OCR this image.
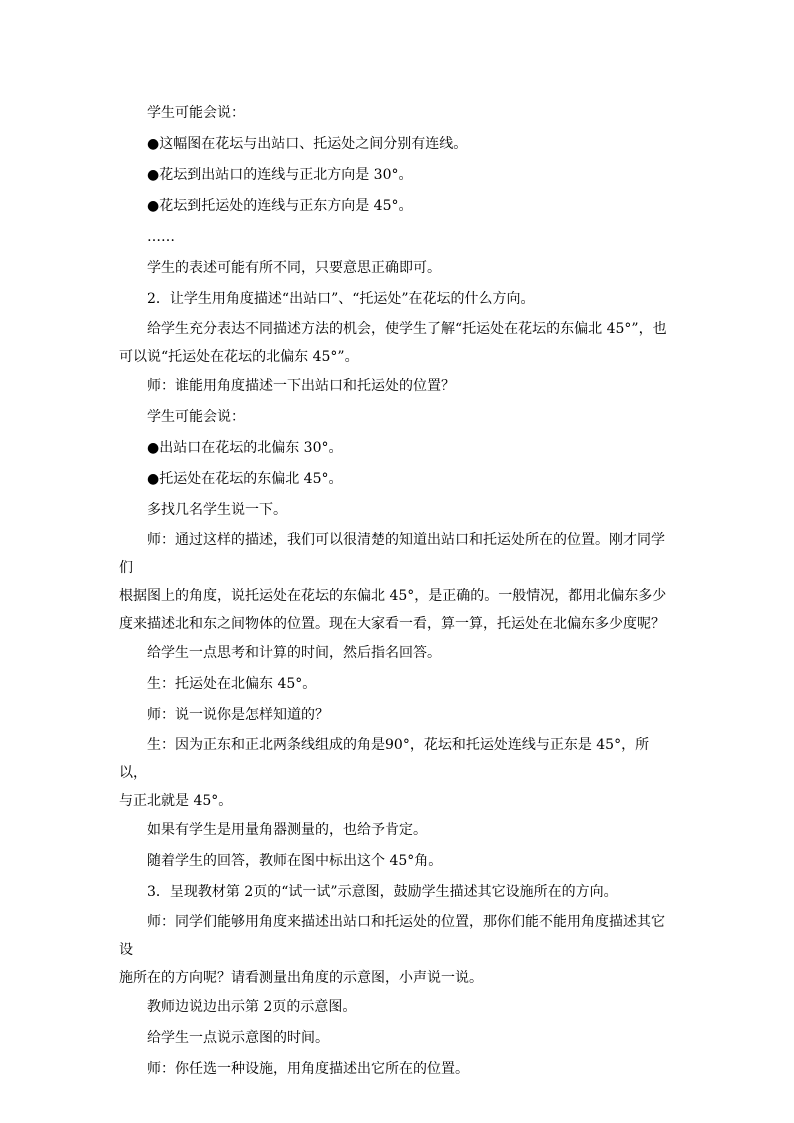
学生可能会说：

●这幅图在花坛与出站口、托运处之间分别有连线。

●花坛到出站口的连线与正北方向是 30°。

●花坛到托运处的连线与正东方向是 45°。

……

学生的表述可能有所不同，只要意思正确即可。

2．让学生用角度描述“出站口”、“托运处”在花坛的什么方向。

给学生充分表达不同描述方法的机会，使学生了解“托运处在花坛的东偏北 45°”，也

可以说“托运处在花坛的北偏东 45°”。

师：谁能用角度描述一下出站口和托运处的位置？

学生可能会说：

●出站口在花坛的北偏东 30°。

●托运处在花坛的东偏北 45°。

多找几名学生说一下。

师：通过这样的描述，我们可以很清楚的知道出站口和托运处所在的位置。刚才同学们

根据图上的角度，说托运处在花坛的东偏北 45°，是正确的。一般情况，都用北偏东多少

度来描述北和东之间物体的位置。现在大家看一看，算一算，托运处在北偏东多少度呢？

给学生一点思考和计算的时间，然后指名回答。

生：托运处在北偏东 45°。

师：说一说你是怎样知道的？

生：因为正东和正北两条线组成的角是90°，花坛和托运处连线与正东是 45°，所以，

与正北就是 45°。

如果有学生是用量角器测量的，也给予肯定。

随着学生的回答，教师在图中标出这个 45°角。

3．呈现教材第 2页的“试一试”示意图，鼓励学生描述其它设施所在的方向。

师：同学们能够用角度来描述出站口和托运处的位置，那你们能不能用角度描述其它设

施所在的方向呢？请看测量出角度的示意图，小声说一说。

教师边说边出示第 2页的示意图。

给学生一点说示意图的时间。

师：你任选一种设施，用角度描述出它所在的位置。
